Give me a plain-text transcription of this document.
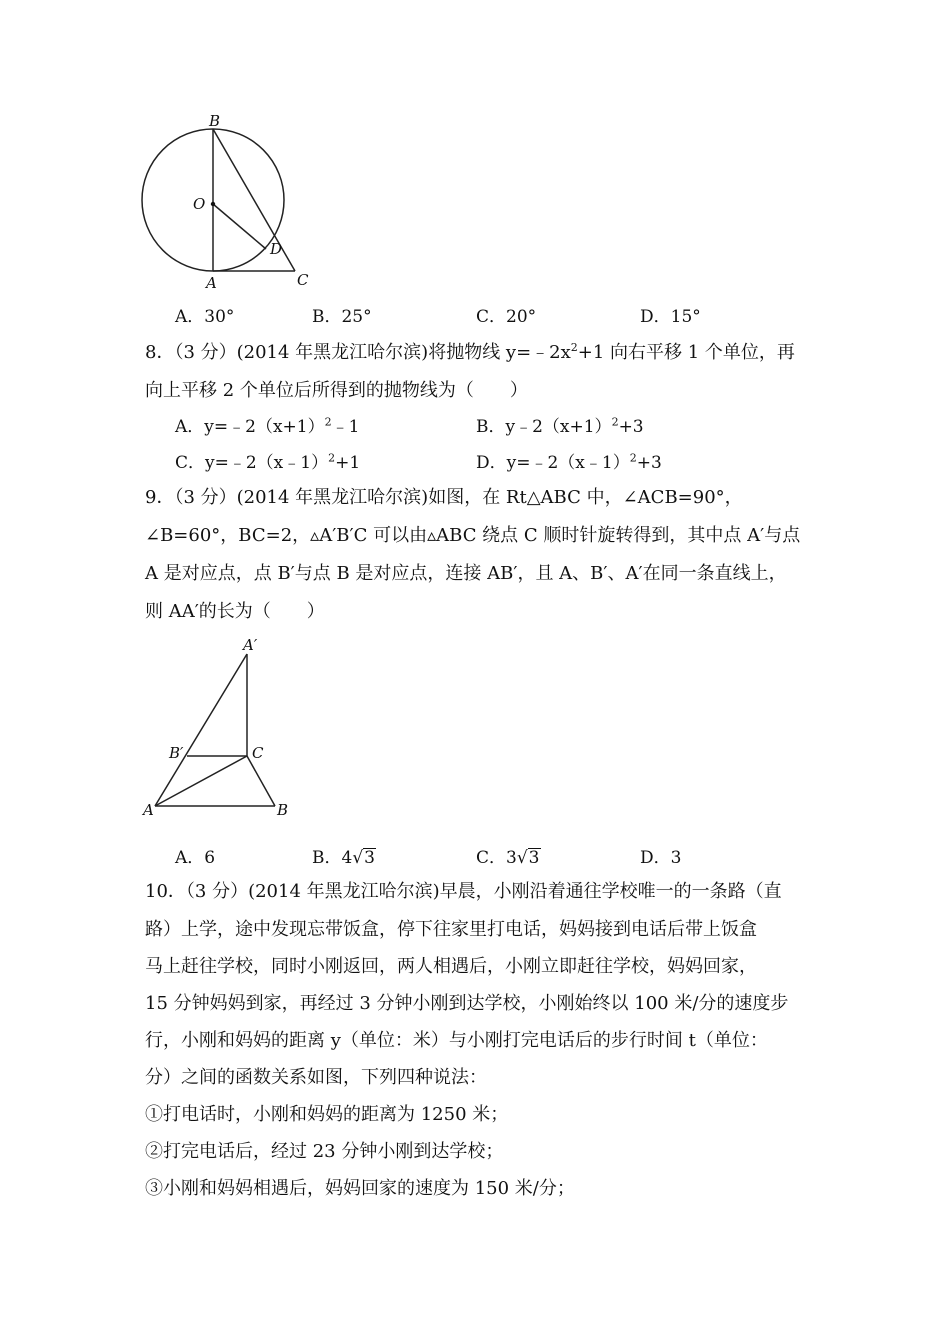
B
O
D
A	C
A．30°	B．25°	C．20°	D．15°
8．（3 分）(2014 年黑龙江哈尔滨)将抛物线 $y=﹣2x^2+1$ 向右平移 1 个单位，再
向上平移 2 个单位后所得到的抛物线为（　　）
A．$y=﹣2(x+1)^2﹣1$	B．$y﹣2(x+1)^2+3$
C．y=﹣2（x﹣1）$^2$+1	D．y=﹣2（x﹣1）$^2$+3
9．（3 分）(2014 年黑龙江哈尔滨)如图，在 Rt△ABC 中，∠ACB=90°，
∠B=60°，BC=2，▵A′B′C 可以由▵ABC 绕点 C 顺时针旋转得到，其中点 A′与点
A 是对应点，点 B′与点 B 是对应点，连接 AB′，且 A、B′、A′在同一条直线上，
则 AA′的长为（　　）
A′
B′	C
A	B
A．6	B．4√3	C．3√3	D．3
10．（3 分）(2014 年黑龙江哈尔滨)早晨，小刚沿着通往学校唯一的一条路（直
路）上学，途中发现忘带饭盒，停下往家里打电话，妈妈接到电话后带上饭盒
马上赶往学校，同时小刚返回，两人相遇后，小刚立即赶往学校，妈妈回家，
15 分钟妈妈到家，再经过 3 分钟小刚到达学校，小刚始终以 100 米/分的速度步
行，小刚和妈妈的距离 y（单位：米）与小刚打完电话后的步行时间 t（单位：
分）之间的函数关系如图，下列四种说法：
①打电话时，小刚和妈妈的距离为 1250 米；
②打完电话后，经过 23 分钟小刚到达学校；
③小刚和妈妈相遇后，妈妈回家的速度为 150 米/分；
